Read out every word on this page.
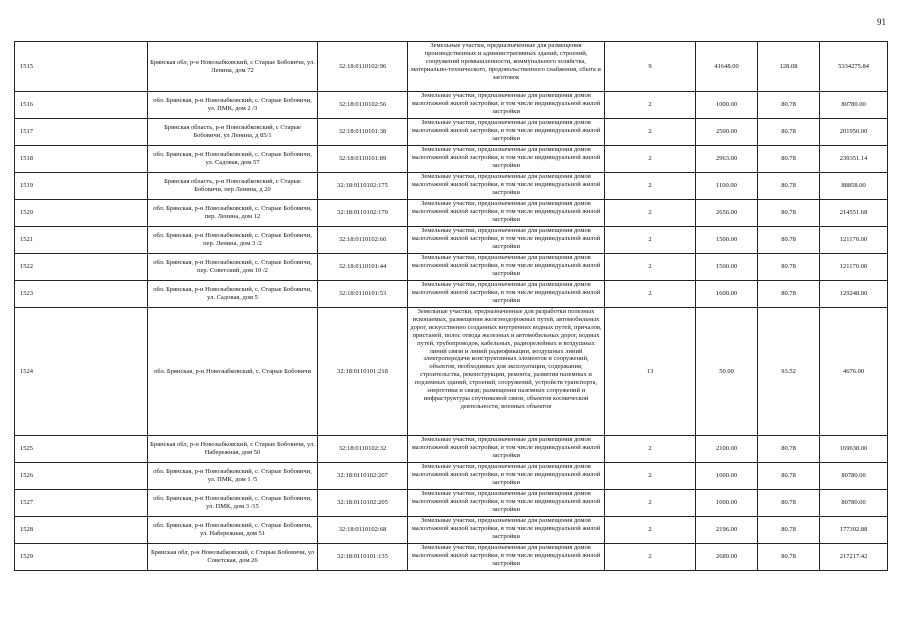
91
1515	Брянская обл, р-н Новозыбковский, с Старые Бобовичи, ул. Ленина, дом 72	32:18:0110102:96	Земельные участки, предназначенные для размещения производственных и административных зданий, строений, сооружений промышленности, коммунального хозяйства, материально-технического, продовольственного снабжения, сбыта и заготовок	9	41648.00	128.08	5334275.84
1516	обл. Брянская, р-н Новозыбковский, с. Старые Бобовичи, ул. ПМК, дом 2 /3	32:18:0110102:56	Земельные участки, предназначенные для размещения домов малоэтажной жилой застройки, в том числе индивидуальной жилой застройки	2	1000.00	80.78	80780.00
1517	Брянская область, р-н Новозыбковский, с Старые Бобовичи, ул Ленина, д 85/1	32:18:0110101:38	Земельные участки, предназначенные для размещения домов малоэтажной жилой застройки, в том числе индивидуальной жилой застройки	2	2500.00	80.78	201950.00
1518	обл. Брянская, р-н Новозыбковский, с. Старые Бобовичи, ул. Садовая, дом 57	32:18:0110101:89	Земельные участки, предназначенные для размещения домов малоэтажной жилой застройки, в том числе индивидуальной жилой застройки	2	2963.00	80.78	239351.14
1519	Брянская область, р-н Новозыбковский, с Старые Бобовичи, пер Ленина, д 20	32:18:0110102:175	Земельные участки, предназначенные для размещения домов малоэтажной жилой застройки, в том числе индивидуальной жилой застройки	2	1100.00	80.78	88858.00
1520	обл. Брянская, р-н Новозыбковский, с. Старые Бобовичи, пер. Ленина, дом 12	32:18:0110102:179	Земельные участки, предназначенные для размещения домов малоэтажной жилой застройки, в том числе индивидуальной жилой застройки	2	2656.00	80.78	214551.68
1521	обл. Брянская, р-н Новозыбковский, с. Старые Бобовичи, пер. Ленина, дом 3 /2	32:18:0110102:66	Земельные участки, предназначенные для размещения домов малоэтажной жилой застройки, в том числе индивидуальной жилой застройки	2	1500.00	80.78	121170.00
1522	обл. Брянская, р-н Новозыбковский, с. Старые Бобовичи, пер. Советский, дом 10 /2	32:18:0110101:44	Земельные участки, предназначенные для размещения домов малоэтажной жилой застройки, в том числе индивидуальной жилой застройки	2	1500.00	80.78	121170.00
1523	обл. Брянская, р-н Новозыбковский, с. Старые Бобовичи, ул. Садовая, дом 5	32:18:0110101:53	Земельные участки, предназначенные для размещения домов малоэтажной жилой застройки, в том числе индивидуальной жилой застройки	2	1600.00	80.78	129248.00
1524	обл. Брянская, р-н Новозыбковский, с. Старые Бобовичи	32:18:0110101:218	Земельные участки, предназначенные для разработки полезных ископаемых, размещения железнодорожных путей, автомобильных дорог, искусственно созданных внутренних водных путей, причалов, пристаней, полос отвода железных и автомобильных дорог, водных путей, трубопроводов, кабельных, радиорелейных и воздушных линий связи и линий радиофикации, воздушных линий электропередачи конструктивных элементов и сооружений, объектов, необходимых для эксплуатации, содержания, строительства, реконструкции, ремонта, развития наземных и подземных зданий, строений, сооружений, устройств транспорта, энергетики и связи; размещения наземных сооружений и инфраструктуры спутниковой связи, объектов космической деятельности, военных объектов	13	50.00	93.52	4676.00
1525	Брянская обл, р-н Новозыбковский, с Старые Бобовичи, ул. Набережная, дом 50	32:18:0110102:32	Земельные участки, предназначенные для размещения домов малоэтажной жилой застройки, в том числе индивидуальной жилой застройки	2	2100.00	80.78	169638.00
1526	обл. Брянская, р-н Новозыбковский, с. Старые Бобовичи, ул. ПМК, дом 1 /5	32:18:0110102:207	Земельные участки, предназначенные для размещения домов малоэтажной жилой застройки, в том числе индивидуальной жилой застройки	2	1000.00	80.78	80780.00
1527	обл. Брянская, р-н Новозыбковский, с. Старые Бобовичи, ул. ПМК, дом 3 /15	32:18:0110102:205	Земельные участки, предназначенные для размещения домов малоэтажной жилой застройки, в том числе индивидуальной жилой застройки	2	1000.00	80.78	80780.00
1528	обл. Брянская, р-н Новозыбковский, с. Старые Бобовичи, ул. Набережная, дом 51	32:18:0110102:68	Земельные участки, предназначенные для размещения домов малоэтажной жилой застройки, в том числе индивидуальной жилой застройки	2	2196.00	80.78	177392.88
1529	Брянская обл, р-н Новозыбковский, с Старые Бобовичи, ул Советская, дом 26	32:18:0110101:135	Земельные участки, предназначенные для размещения домов малоэтажной жилой застройки, в том числе индивидуальной жилой застройки	2	2689.00	80.78	217217.42
